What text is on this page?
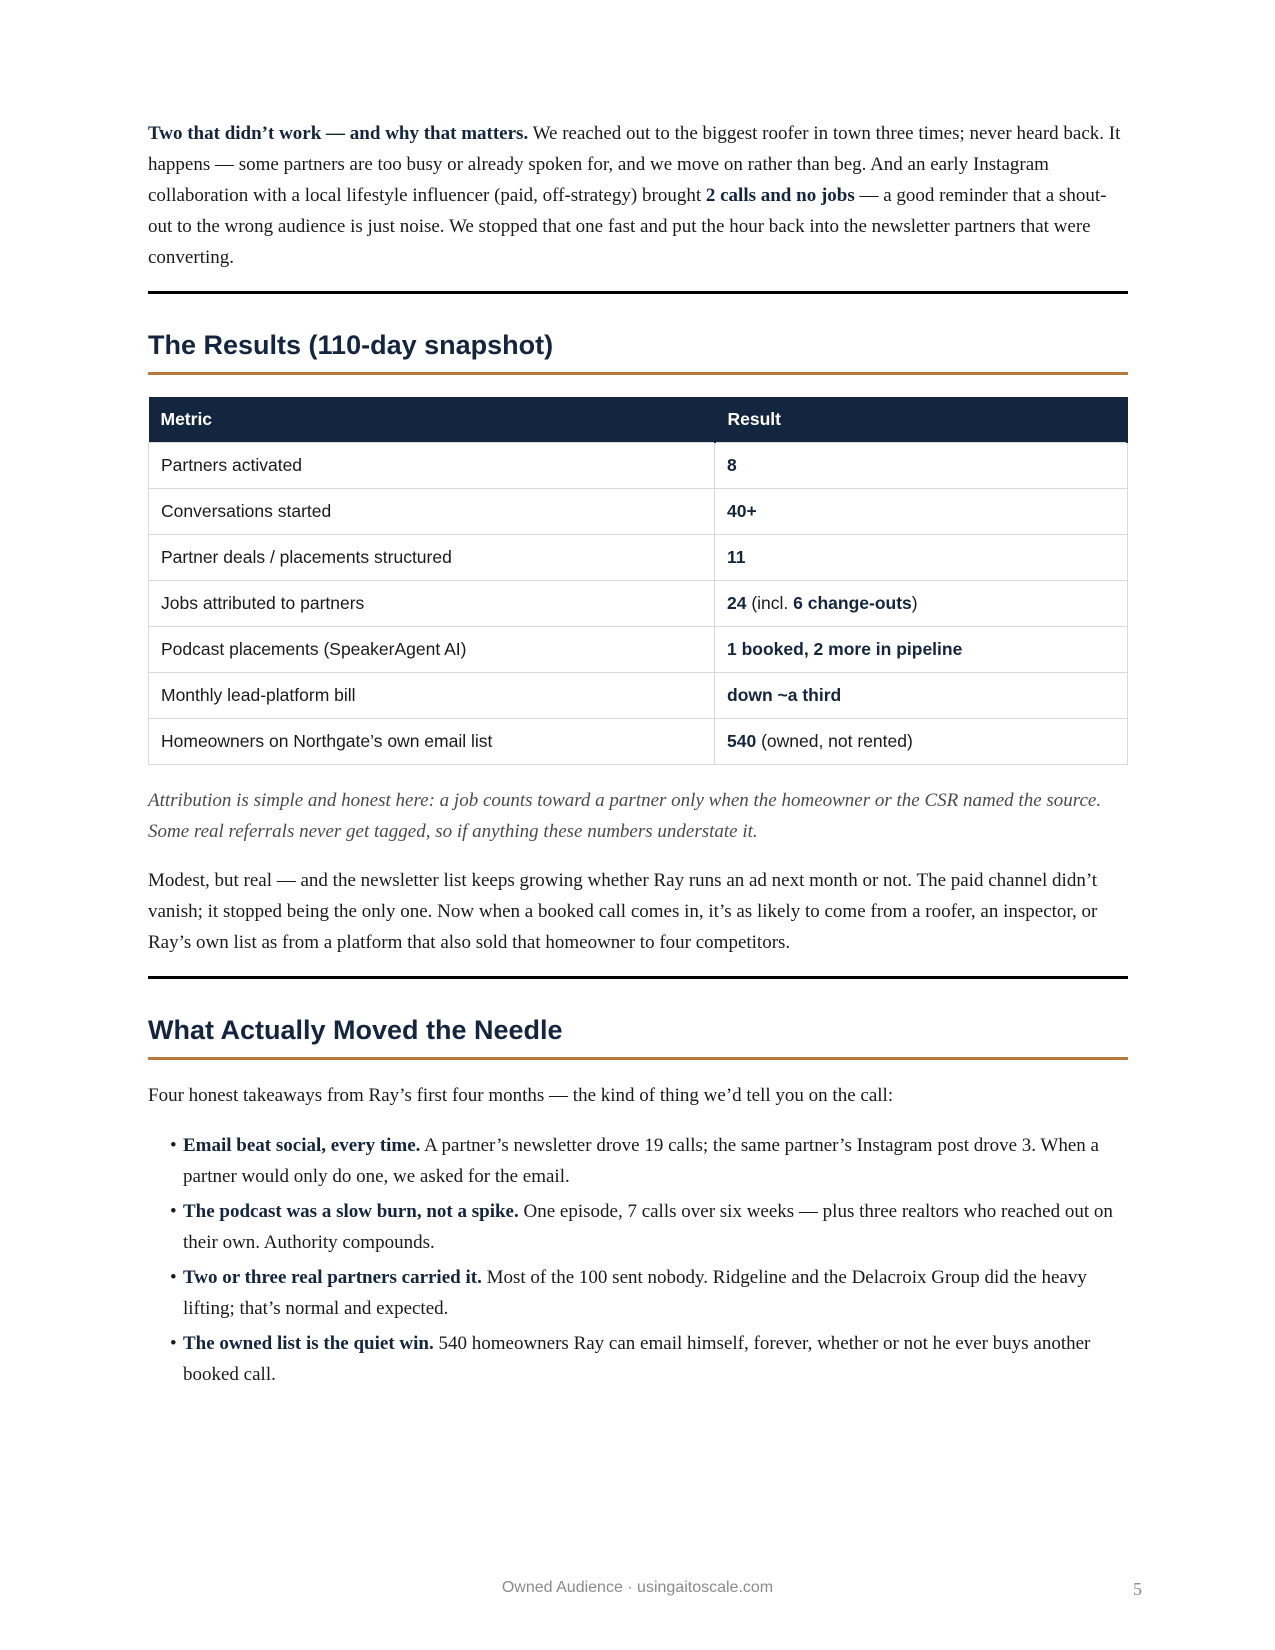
Two that didn’t work — and why that matters. We reached out to the biggest roofer in town three times; never heard back. It happens — some partners are too busy or already spoken for, and we move on rather than beg. And an early Instagram collaboration with a local lifestyle influencer (paid, off-strategy) brought 2 calls and no jobs — a good reminder that a shout-out to the wrong audience is just noise. We stopped that one fast and put the hour back into the newsletter partners that were converting.

The Results (110-day snapshot)
Metric	Result
Partners activated	8
Conversations started	40+
Partner deals / placements structured	11
Jobs attributed to partners	24 (incl. 6 change-outs)
Podcast placements (SpeakerAgent AI)	1 booked, 2 more in pipeline
Monthly lead-platform bill	down ~a third
Homeowners on Northgate’s own email list	540 (owned, not rented)

Attribution is simple and honest here: a job counts toward a partner only when the homeowner or the CSR named the source. Some real referrals never get tagged, so if anything these numbers understate it.

Modest, but real — and the newsletter list keeps growing whether Ray runs an ad next month or not. The paid channel didn’t vanish; it stopped being the only one. Now when a booked call comes in, it’s as likely to come from a roofer, an inspector, or Ray’s own list as from a platform that also sold that homeowner to four competitors.

What Actually Moved the Needle

Four honest takeaways from Ray’s first four months — the kind of thing we’d tell you on the call:

• Email beat social, every time. A partner’s newsletter drove 19 calls; the same partner’s Instagram post drove 3. When a partner would only do one, we asked for the email.
• The podcast was a slow burn, not a spike. One episode, 7 calls over six weeks — plus three realtors who reached out on their own. Authority compounds.
• Two or three real partners carried it. Most of the 100 sent nobody. Ridgeline and the Delacroix Group did the heavy lifting; that’s normal and expected.
• The owned list is the quiet win. 540 homeowners Ray can email himself, forever, whether or not he ever buys another booked call.
Owned Audience · usingaitoscale.com	5
